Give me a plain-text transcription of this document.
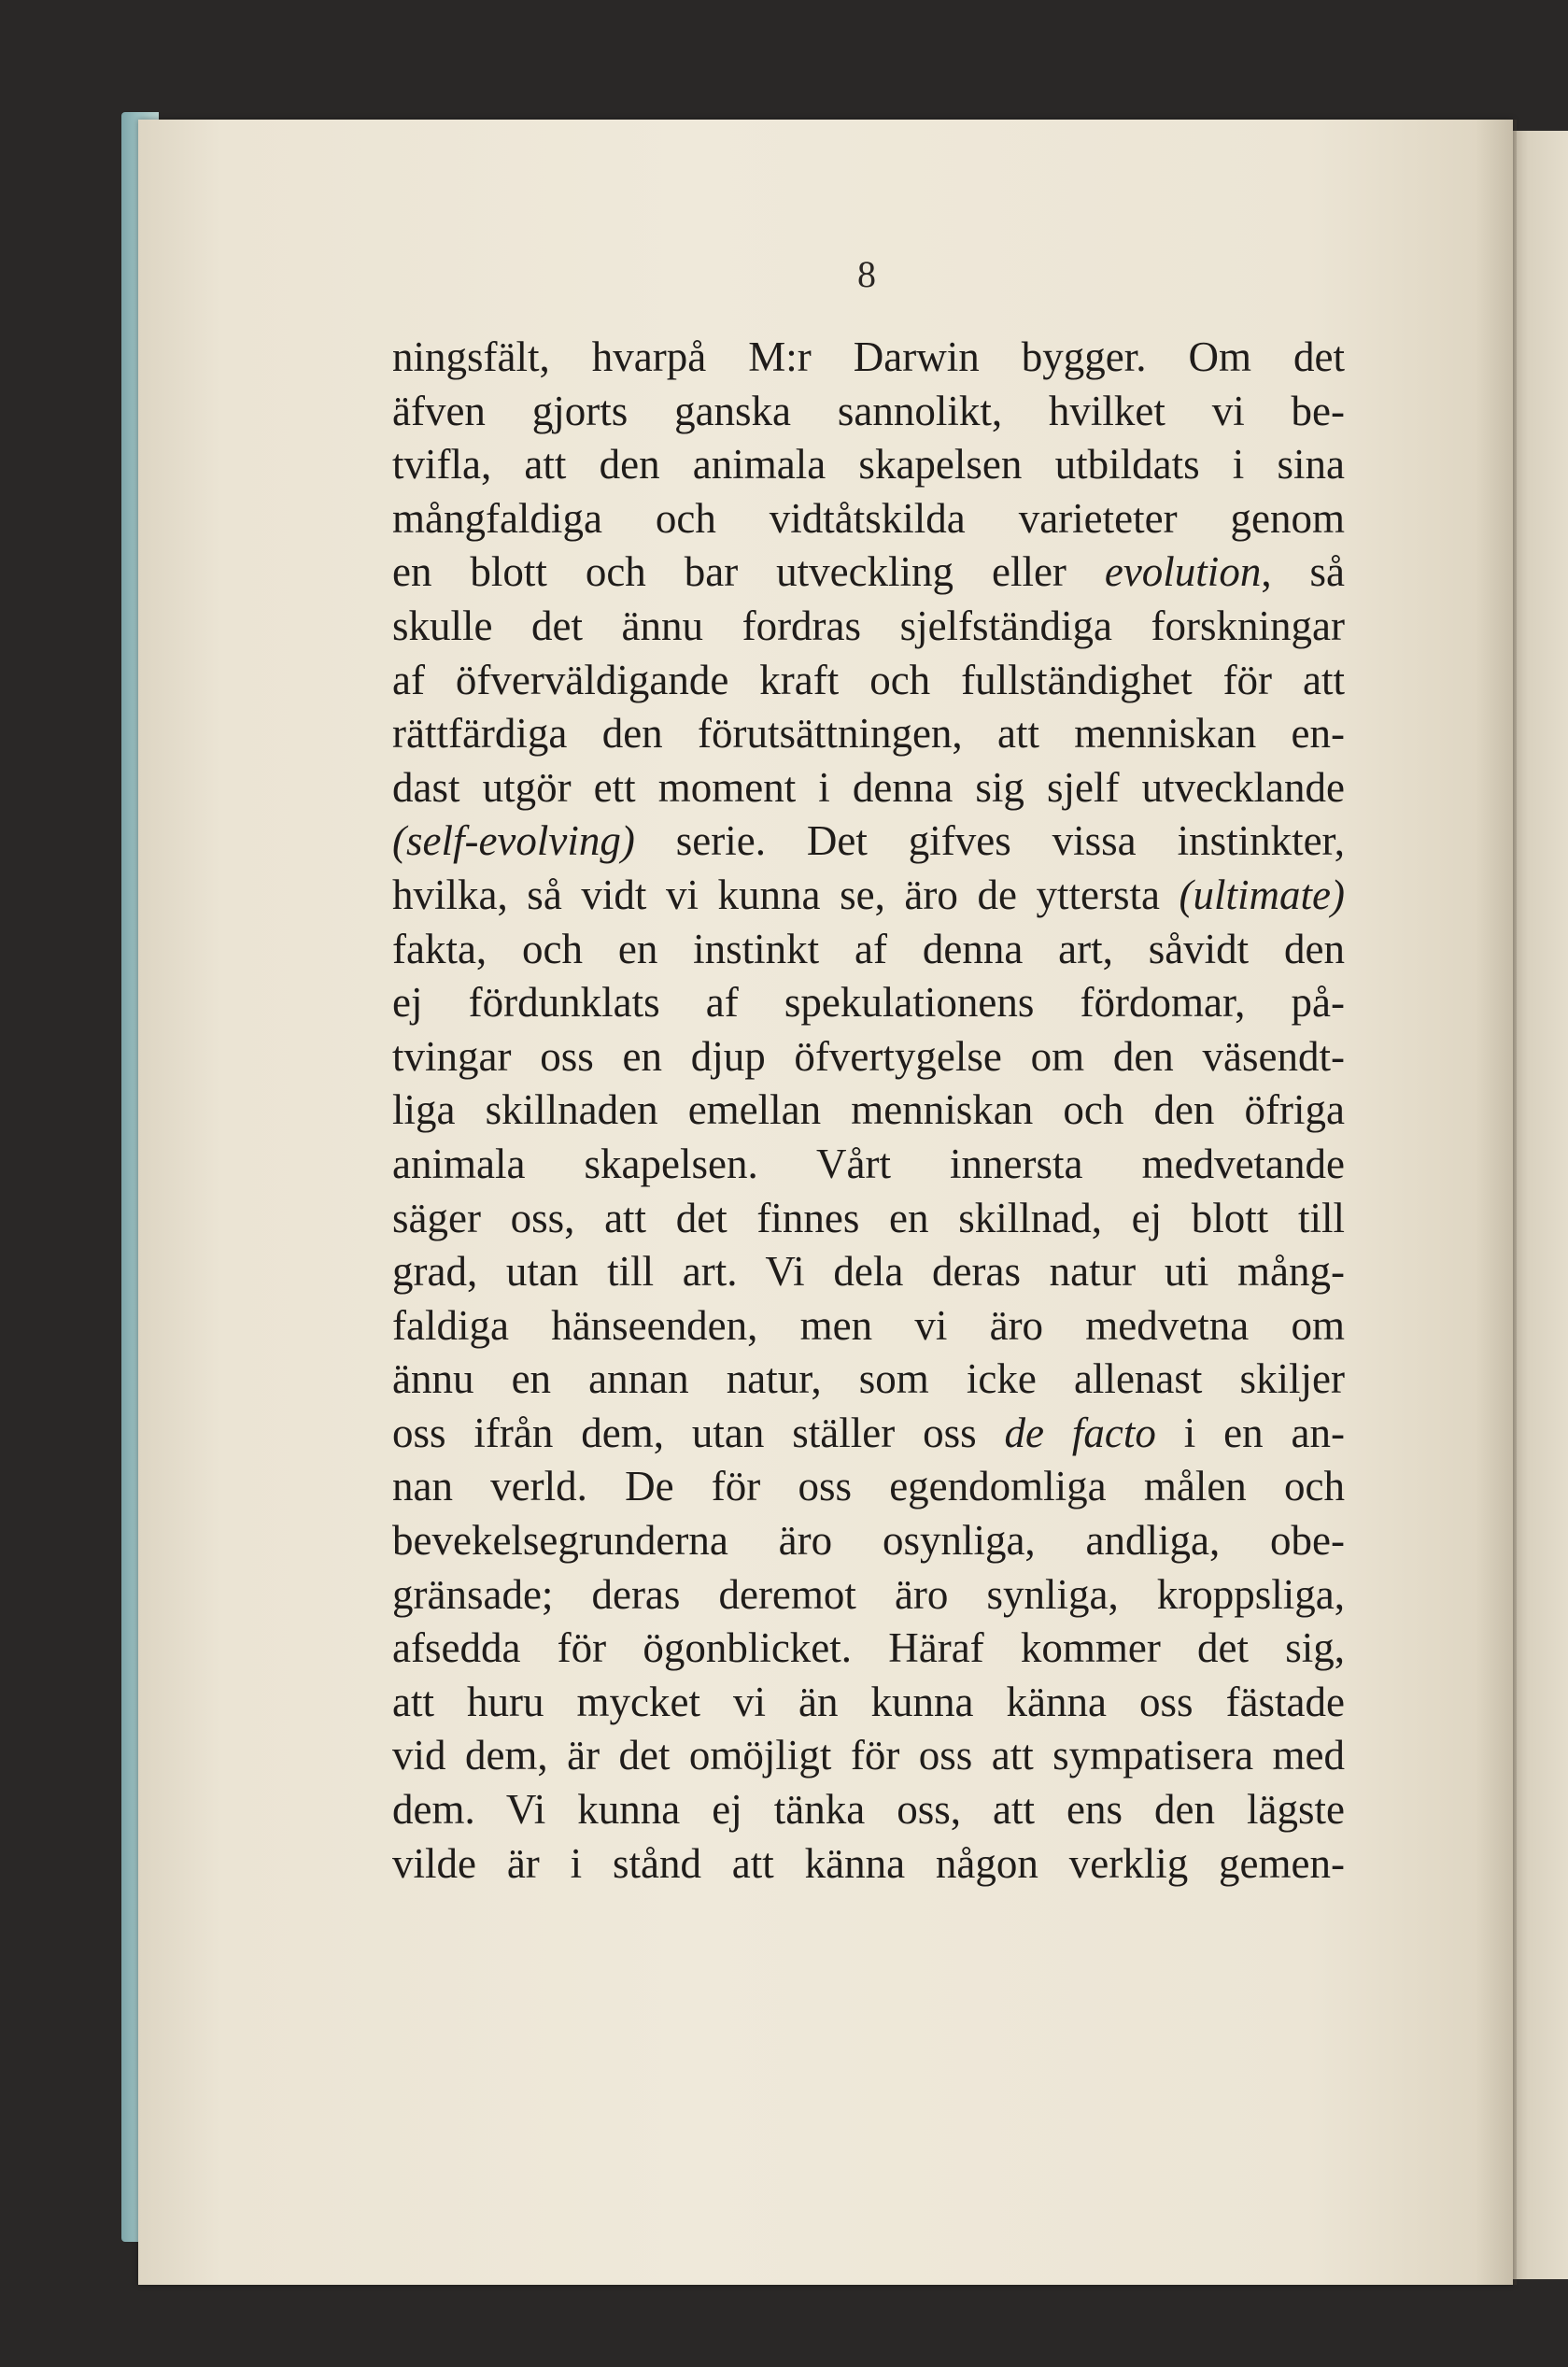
8
ningsfält, hvarpå M:r Darwin bygger. Om det
äfven gjorts ganska sannolikt, hvilket vi be-
tvifla, att den animala skapelsen utbildats i sina
mångfaldiga och vidtåtskilda varieteter genom
en blott och bar utveckling eller evolution, så
skulle det ännu fordras sjelfständiga forskningar
af öfverväldigande kraft och fullständighet för att
rättfärdiga den förutsättningen, att menniskan en-
dast utgör ett moment i denna sig sjelf utvecklande
(self-evolving) serie. Det gifves vissa instinkter,
hvilka, så vidt vi kunna se, äro de yttersta (ultimate)
fakta, och en instinkt af denna art, såvidt den
ej fördunklats af spekulationens fördomar, på-
tvingar oss en djup öfvertygelse om den väsendt-
liga skillnaden emellan menniskan och den öfriga
animala skapelsen. Vårt innersta medvetande
säger oss, att det finnes en skillnad, ej blott till
grad, utan till art. Vi dela deras natur uti mång-
faldiga hänseenden, men vi äro medvetna om
ännu en annan natur, som icke allenast skiljer
oss ifrån dem, utan ställer oss de facto i en an-
nan verld. De för oss egendomliga målen och
bevekelsegrunderna äro osynliga, andliga, obe-
gränsade; deras deremot äro synliga, kroppsliga,
afsedda för ögonblicket. Häraf kommer det sig,
att huru mycket vi än kunna känna oss fästade
vid dem, är det omöjligt för oss att sympatisera med
dem. Vi kunna ej tänka oss, att ens den lägste
vilde är i stånd att känna någon verklig gemen-
